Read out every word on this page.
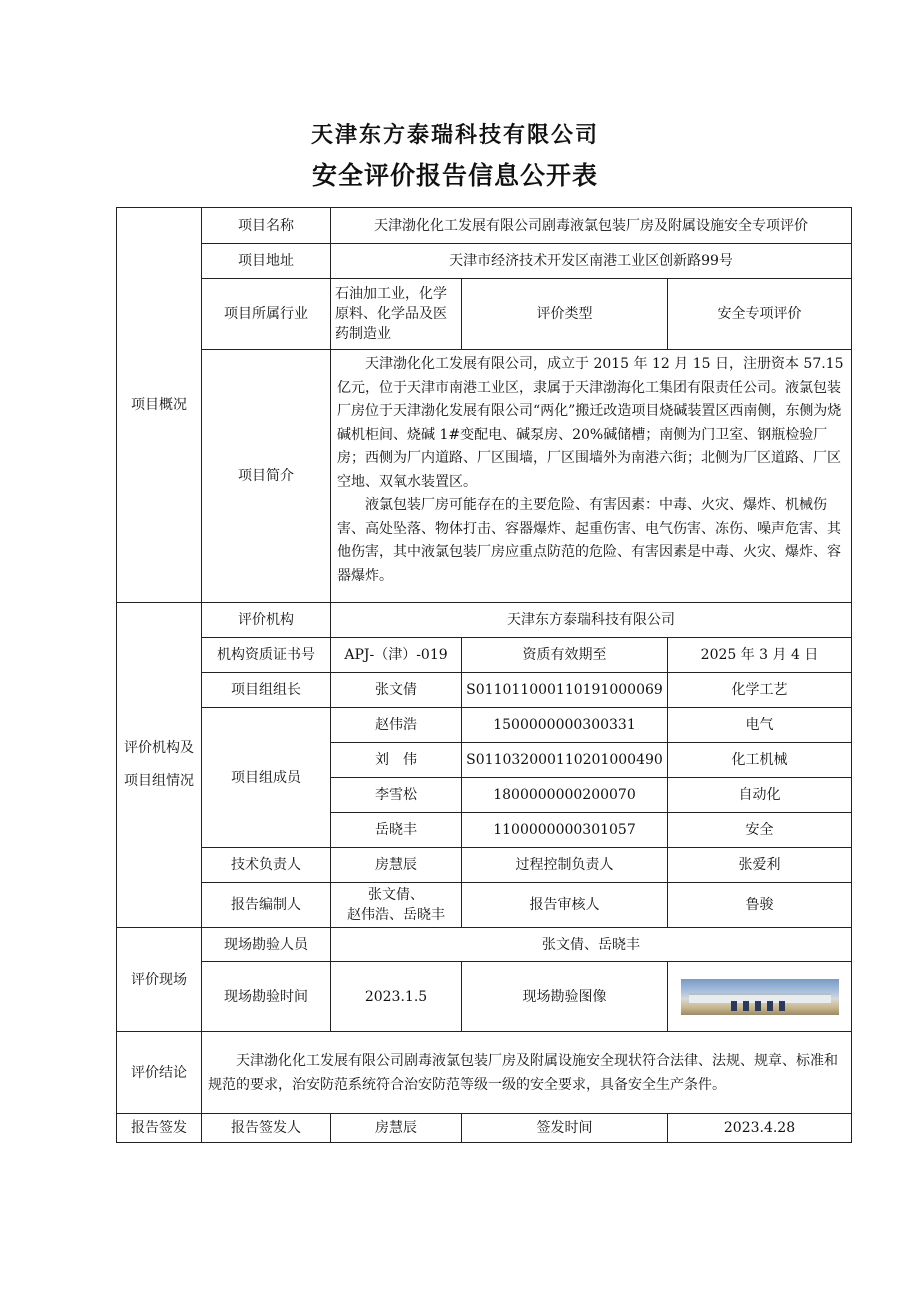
天津东方泰瑞科技有限公司
安全评价报告信息公开表
项目概况	项目名称	天津渤化化工发展有限公司剧毒液氯包装厂房及附属设施安全专项评价		
	项目地址	天津市经济技术开发区南港工业区创新路99号		
	项目所属行业	石油加工业，化学原料、化学品及医药制造业	评价类型	安全专项评价
	项目简介	天津渤化化工发展有限公司，成立于 2015 年 12 月 15 日，注册资本 57.15 亿元，位于天津市南港工业区，隶属于天津渤海化工集团有限责任公司。液氯包装厂房位于天津渤化发展有限公司“两化”搬迁改造项目烧碱装置区西南侧，东侧为烧碱机柜间、烧碱 1#变配电、碱泵房、20%碱储槽；南侧为门卫室、钢瓶检验厂房；西侧为厂内道路、厂区围墙，厂区围墙外为南港六街；北侧为厂区道路、厂区空地、双氧水装置区。

液氯包装厂房可能存在的主要危险、有害因素：中毒、火灾、爆炸、机械伤害、高处坠落、物体打击、容器爆炸、起重伤害、电气伤害、冻伤、噪声危害、其他伤害，其中液氯包装厂房应重点防范的危险、有害因素是中毒、火灾、爆炸、容器爆炸。		

评价机构及项目组情况	评价机构	天津东方泰瑞科技有限公司		
	机构资质证书号	APJ-（津）-019	资质有效期至	2025 年 3 月 4 日
	项目组组长	张文倩	S011011000110191000069	化学工艺
	项目组成员	赵伟浩	1500000000300331	电气
		刘　伟	S011032000110201000490	化工机械
		李雪松	1800000000200070	自动化
		岳晓丰	1100000000301057	安全
	技术负责人	房慧辰	过程控制负责人	张爱利
	报告编制人	张文倩、
赵伟浩、岳晓丰	报告审核人	鲁骏

评价现场	现场勘验人员	张文倩、岳晓丰		
	现场勘验时间	2023.1.5	现场勘验图像	

评价结论	天津渤化化工发展有限公司剧毒液氯包装厂房及附属设施安全现状符合法律、法规、规章、标准和规范的要求，治安防范系统符合治安防范等级一级的安全要求，具备安全生产条件。			

报告签发	报告签发人	房慧辰	签发时间	2023.4.28
